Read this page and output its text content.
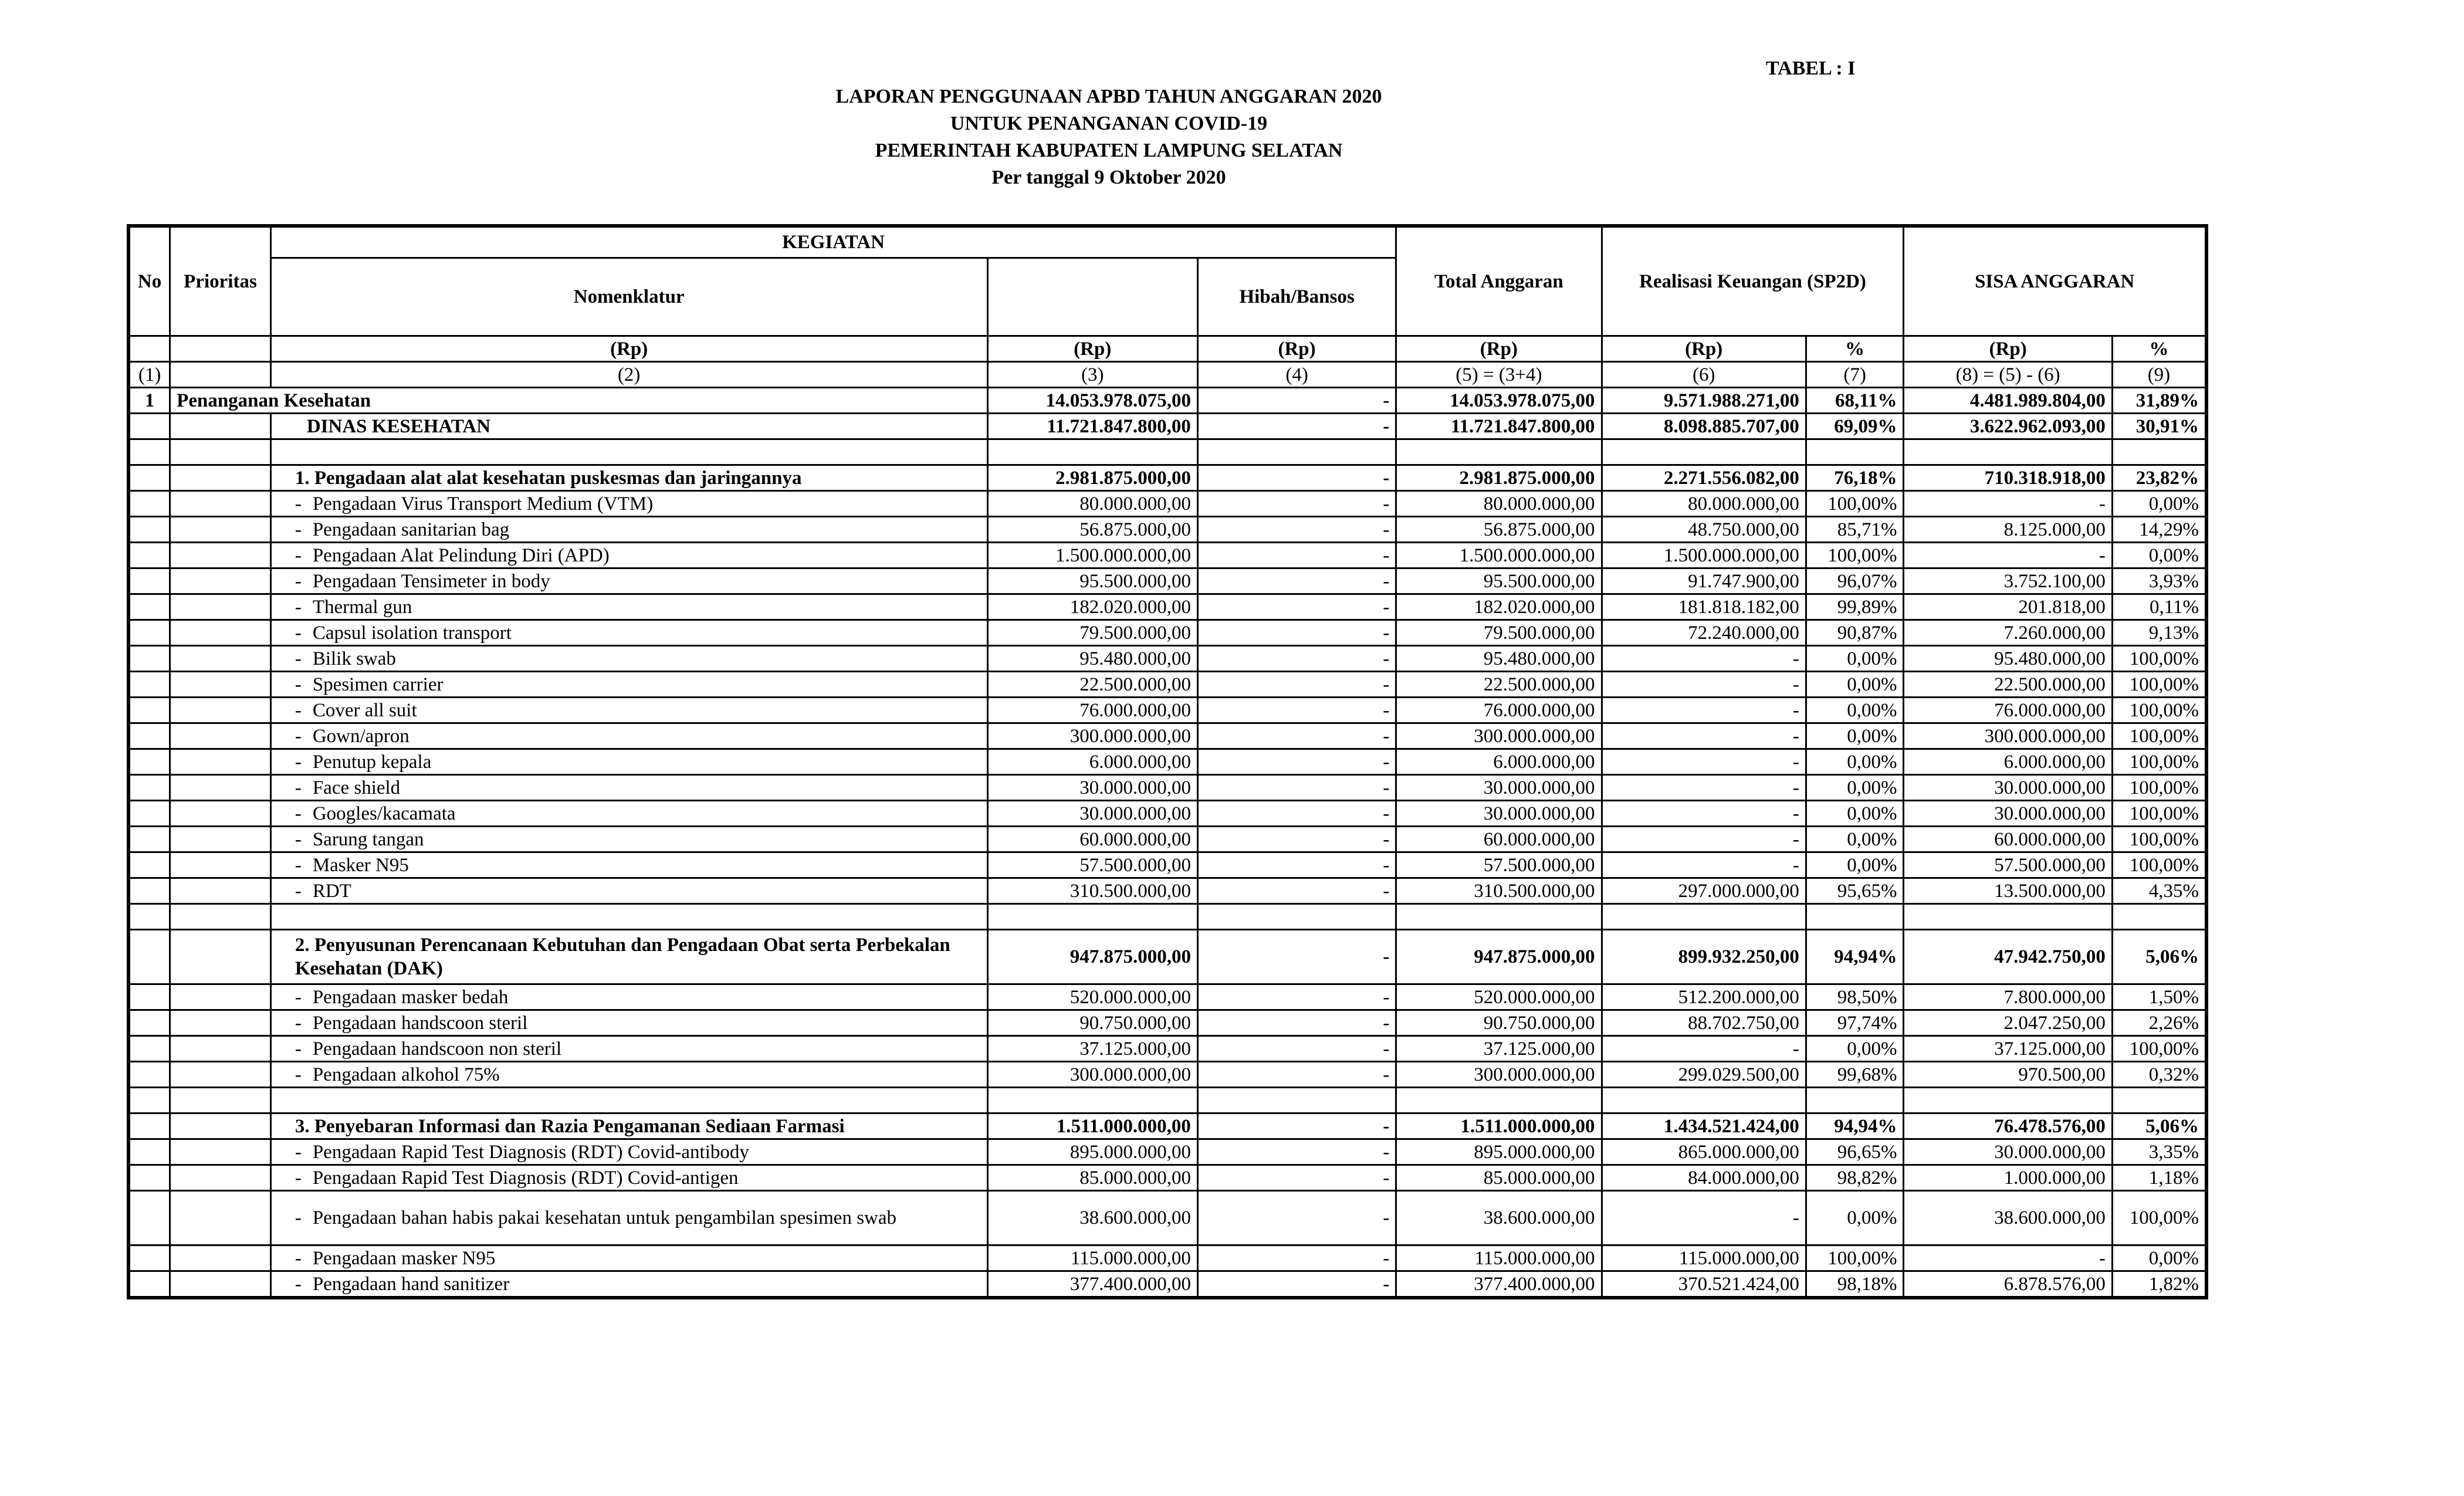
TABEL : I
LAPORAN PENGGUNAAN APBD TAHUN ANGGARAN 2020
UNTUK PENANGANAN COVID-19
PEMERINTAH KABUPATEN LAMPUNG SELATAN
Per tanggal 9 Oktober 2020
No	Prioritas	KEGIATAN			Total Anggaran	Realisasi Keuangan (SP2D)		SISA ANGGARAN	
		Nomenklatur		Hibah/Bansos					
		(Rp)	(Rp)	(Rp)	(Rp)	(Rp)	%	(Rp)	%
(1)		(2)	(3)	(4)	(5) = (3+4)	(6)	(7)	(8) = (5) - (6)	(9)
1	Penanganan Kesehatan		14.053.978.075,00	-	14.053.978.075,00	9.571.988.271,00	68,11%	4.481.989.804,00	31,89%
		DINAS KESEHATAN	11.721.847.800,00	-	11.721.847.800,00	8.098.885.707,00	69,09%	3.622.962.093,00	30,91%

		1. Pengadaan alat alat kesehatan puskesmas dan jaringannya	2.981.875.000,00	-	2.981.875.000,00	2.271.556.082,00	76,18%	710.318.918,00	23,82%

		- Pengadaan Virus Transport Medium (VTM)	80.000.000,00	-	80.000.000,00	80.000.000,00	100,00%	-	0,00%

		- Pengadaan sanitarian bag	56.875.000,00	-	56.875.000,00	48.750.000,00	85,71%	8.125.000,00	14,29%

		- Pengadaan Alat Pelindung Diri (APD)	1.500.000.000,00	-	1.500.000.000,00	1.500.000.000,00	100,00%	-	0,00%

		- Pengadaan Tensimeter in body	95.500.000,00	-	95.500.000,00	91.747.900,00	96,07%	3.752.100,00	3,93%

		- Thermal gun	182.020.000,00	-	182.020.000,00	181.818.182,00	99,89%	201.818,00	0,11%

		- Capsul isolation transport	79.500.000,00	-	79.500.000,00	72.240.000,00	90,87%	7.260.000,00	9,13%

		- Bilik swab	95.480.000,00	-	95.480.000,00	-	0,00%	95.480.000,00	100,00%

		- Spesimen carrier	22.500.000,00	-	22.500.000,00	-	0,00%	22.500.000,00	100,00%

		- Cover all suit	76.000.000,00	-	76.000.000,00	-	0,00%	76.000.000,00	100,00%

		- Gown/apron	300.000.000,00	-	300.000.000,00	-	0,00%	300.000.000,00	100,00%

		- Penutup kepala	6.000.000,00	-	6.000.000,00	-	0,00%	6.000.000,00	100,00%

		- Face shield	30.000.000,00	-	30.000.000,00	-	0,00%	30.000.000,00	100,00%

		- Googles/kacamata	30.000.000,00	-	30.000.000,00	-	0,00%	30.000.000,00	100,00%

		- Sarung tangan	60.000.000,00	-	60.000.000,00	-	0,00%	60.000.000,00	100,00%

		- Masker N95	57.500.000,00	-	57.500.000,00	-	0,00%	57.500.000,00	100,00%

		- RDT	310.500.000,00	-	310.500.000,00	297.000.000,00	95,65%	13.500.000,00	4,35%

		2. Penyusunan Perencanaan Kebutuhan dan Pengadaan Obat serta Perbekalan Kesehatan (DAK)	947.875.000,00	-	947.875.000,00	899.932.250,00	94,94%	47.942.750,00	5,06%

		- Pengadaan masker bedah	520.000.000,00	-	520.000.000,00	512.200.000,00	98,50%	7.800.000,00	1,50%

		- Pengadaan handscoon steril	90.750.000,00	-	90.750.000,00	88.702.750,00	97,74%	2.047.250,00	2,26%

		- Pengadaan handscoon non steril	37.125.000,00	-	37.125.000,00	-	0,00%	37.125.000,00	100,00%

		- Pengadaan alkohol 75%	300.000.000,00	-	300.000.000,00	299.029.500,00	99,68%	970.500,00	0,32%

		3. Penyebaran Informasi dan Razia Pengamanan Sediaan Farmasi	1.511.000.000,00	-	1.511.000.000,00	1.434.521.424,00	94,94%	76.478.576,00	5,06%

		- Pengadaan Rapid Test Diagnosis (RDT) Covid-antibody	895.000.000,00	-	895.000.000,00	865.000.000,00	96,65%	30.000.000,00	3,35%

		- Pengadaan Rapid Test Diagnosis (RDT) Covid-antigen	85.000.000,00	-	85.000.000,00	84.000.000,00	98,82%	1.000.000,00	1,18%

		- Pengadaan bahan habis pakai kesehatan untuk pengambilan spesimen swab	38.600.000,00	-	38.600.000,00	-	0,00%	38.600.000,00	100,00%

		- Pengadaan masker N95	115.000.000,00	-	115.000.000,00	115.000.000,00	100,00%	-	0,00%

		- Pengadaan hand sanitizer	377.400.000,00	-	377.400.000,00	370.521.424,00	98,18%	6.878.576,00	1,82%
